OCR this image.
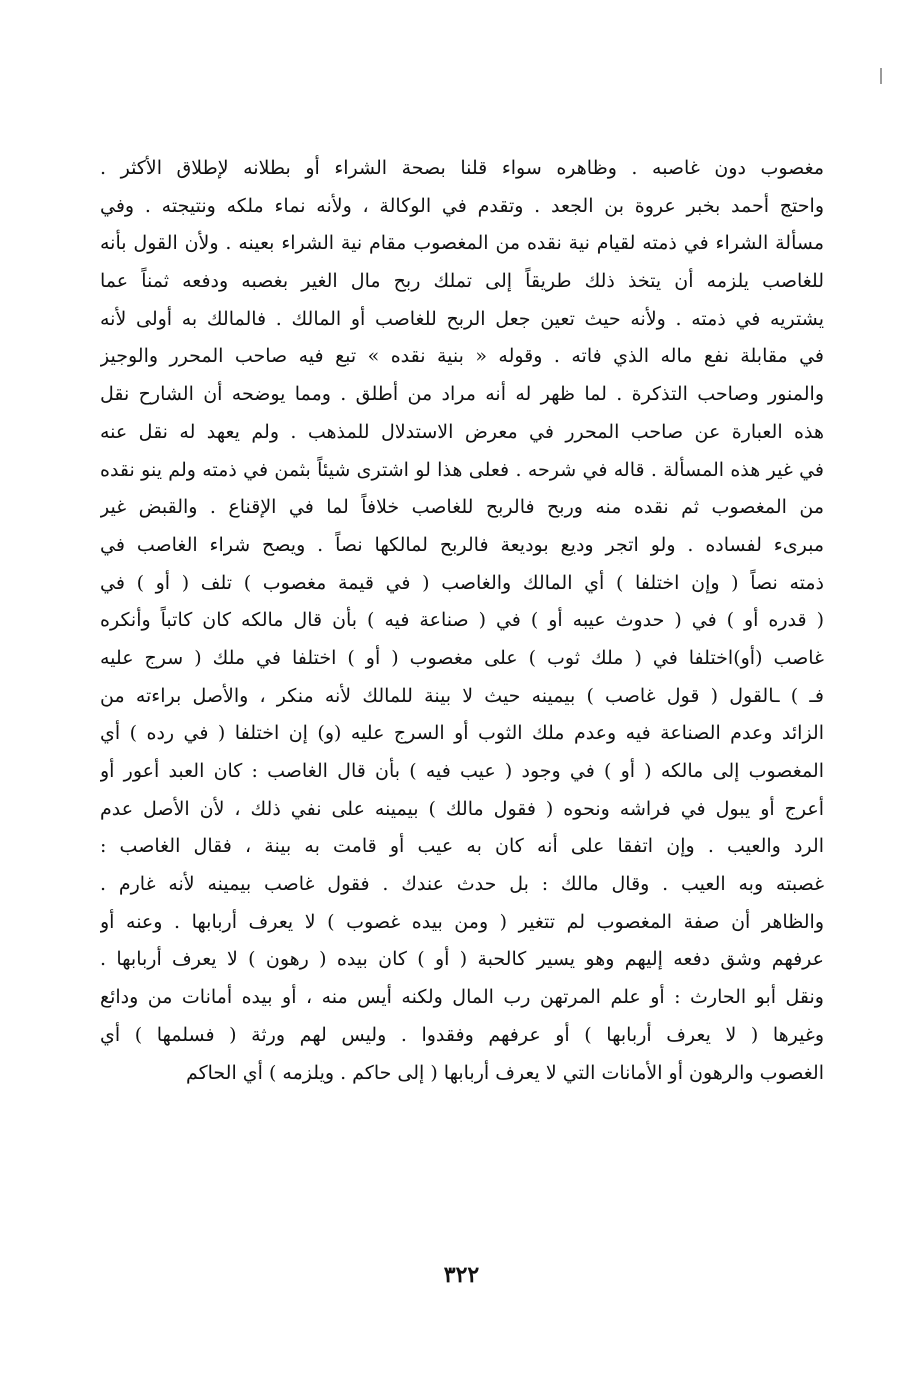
مغصوب دون غاصبه . وظاهره سواء قلنا بصحة الشراء أو بطلانه لإطلاق الأكثر .
واحتج أحمد بخبر عروة بن الجعد . وتقدم في الوكالة ، ولأنه نماء ملكه ونتيجته . وفي
مسألة الشراء في ذمته لقيام نية نقده من المغصوب مقام نية الشراء بعينه . ولأن القول بأنه
للغاصب يلزمه أن يتخذ ذلك طريقاً إلى تملك ربح مال الغير بغصبه ودفعه ثمناً عما
يشتريه في ذمته . ولأنه حيث تعين جعل الربح للغاصب أو المالك . فالمالك به أولى لأنه
في مقابلة نفع ماله الذي فاته . وقوله « بنية نقده » تبع فيه صاحب المحرر والوجيز
والمنور وصاحب التذكرة . لما ظهر له أنه مراد من أطلق . ومما يوضحه أن الشارح نقل
هذه العبارة عن صاحب المحرر في معرض الاستدلال للمذهب . ولم يعهد له نقل عنه
في غير هذه المسألة . قاله في شرحه . فعلى هذا لو اشترى شيئاً بثمن في ذمته ولم ينو نقده
من المغصوب ثم نقده منه وربح فالربح للغاصب خلافاً لما في الإقناع . والقبض غير
مبرىء لفساده . ولو اتجر وديع بوديعة فالربح لمالكها نصاً . ويصح شراء الغاصب في
ذمته نصاً ( وإن اختلفا ) أي المالك والغاصب ( في قيمة مغصوب ) تلف ( أو ) في
( قدره أو ) في ( حدوث عيبه أو ) في ( صناعة فيه ) بأن قال مالكه كان كاتباً وأنكره
غاصب (أو)اختلفا في ( ملك ثوب ) على مغصوب ( أو ) اختلفا في ملك ( سرج عليه
فـ ) ـالقول ( قول غاصب ) بيمينه حيث لا بينة للمالك لأنه منكر ، والأصل براءته من
الزائد وعدم الصناعة فيه وعدم ملك الثوب أو السرج عليه (و) إن اختلفا ( في رده ) أي
المغصوب إلى مالكه ( أو ) في وجود ( عيب فيه ) بأن قال الغاصب : كان العبد أعور أو
أعرج أو يبول في فراشه ونحوه ( فقول مالك ) بيمينه على نفي ذلك ، لأن الأصل عدم
الرد والعيب . وإن اتفقا على أنه كان به عيب أو قامت به بينة ، فقال الغاصب :
غصبته وبه العيب . وقال مالك : بل حدث عندك . فقول غاصب بيمينه لأنه غارم .
والظاهر أن صفة المغصوب لم تتغير ( ومن بيده غصوب ) لا يعرف أربابها . وعنه أو
عرفهم وشق دفعه إليهم وهو يسير كالحبة ( أو ) كان بيده ( رهون ) لا يعرف أربابها .
ونقل أبو الحارث : أو علم المرتهن رب المال ولكنه أيس منه ، أو بيده أمانات من ودائع
وغيرها ( لا يعرف أربابها ) أو عرفهم وفقدوا . وليس لهم ورثة ( فسلمها ) أي
الغصوب والرهون أو الأمانات التي لا يعرف أربابها ( إلى حاكم . ويلزمه ) أي الحاكم
٣٢٢
